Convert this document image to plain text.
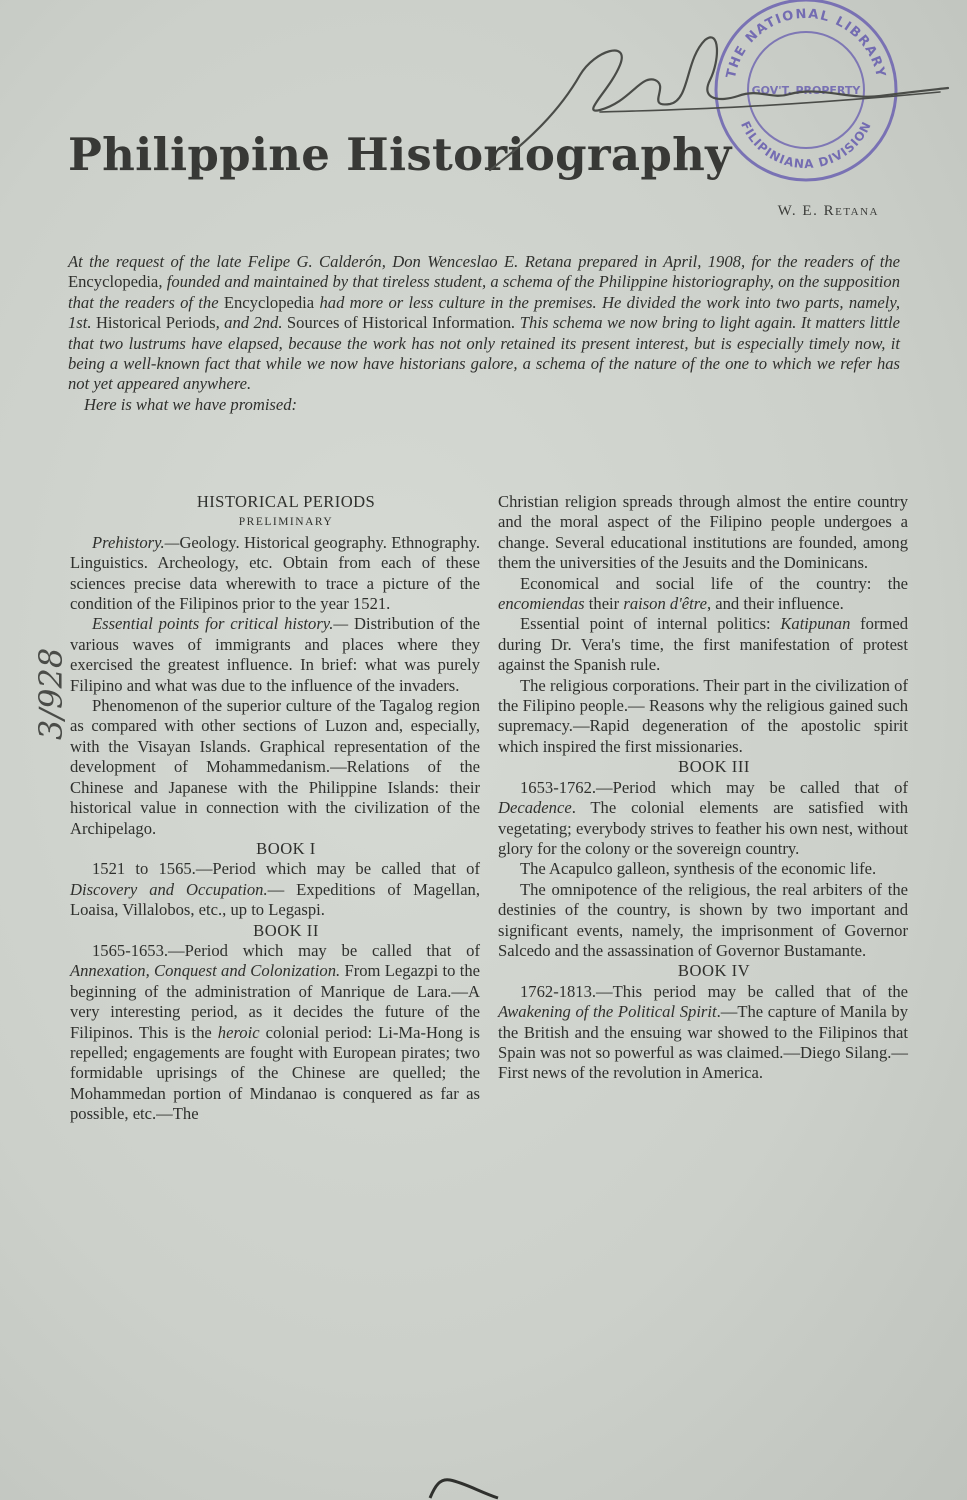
Philippine Historiography
THE NATIONAL LIBRARY
GOV'T. PROPERTY
FILIPINIANA DIVISION
W. E. Retana

At the request of the late Felipe G. Calderón, Don Wenceslao E. Retana prepared in April, 1908, for the readers of the Encyclopedia, founded and maintained by that tireless student, a schema of the Philippine historiography, on the supposition that the readers of the Encyclopedia had more or less culture in the premises. He divided the work into two parts, namely, 1st. Historical Periods, and 2nd. Sources of Historical Information. This schema we now bring to light again. It matters little that two lustrums have elapsed, because the work has not only retained its present interest, but is especially timely now, it being a well-known fact that while we now have historians galore, a schema of the nature of the one to which we refer has not yet appeared anywhere.

Here is what we have promised:

3/928

HISTORICAL PERIODS

PRELIMINARY

Prehistory.—Geology. Historical geography. Ethnography. Linguistics. Archeology, etc. Obtain from each of these sciences precise data wherewith to trace a picture of the condition of the Filipinos prior to the year 1521.

Essential points for critical history.— Distribution of the various waves of immigrants and places where they exercised the greatest influence. In brief: what was purely Filipino and what was due to the influence of the invaders.

Phenomenon of the superior culture of the Tagalog region as compared with other sections of Luzon and, especially, with the Visayan Islands. Graphical representation of the development of Mohammedanism.—Relations of the Chinese and Japanese with the Philippine Islands: their historical value in connection with the civilization of the Archipelago.

BOOK I

1521 to 1565.—Period which may be called that of Discovery and Occupation.— Expeditions of Magellan, Loaisa, Villalobos, etc., up to Legaspi.

BOOK II

1565-1653.—Period which may be called that of Annexation, Conquest and Colonization. From Legazpi to the beginning of the administration of Manrique de Lara.—A very interesting period, as it decides the future of the Filipinos. This is the heroic colonial period: Li-Ma-Hong is repelled; engagements are fought with European pirates; two formidable uprisings of the Chinese are quelled; the Mohammedan portion of Mindanao is conquered as far as possible, etc.—The

Christian religion spreads through almost the entire country and the moral aspect of the Filipino people undergoes a change. Several educational institutions are founded, among them the universities of the Jesuits and the Dominicans.

Economical and social life of the country: the encomiendas their raison d'être, and their influence.

Essential point of internal politics: Katipunan formed during Dr. Vera's time, the first manifestation of protest against the Spanish rule.

The religious corporations. Their part in the civilization of the Filipino people.— Reasons why the religious gained such supremacy.—Rapid degeneration of the apostolic spirit which inspired the first missionaries.

BOOK III

1653-1762.—Period which may be called that of Decadence. The colonial elements are satisfied with vegetating; everybody strives to feather his own nest, without glory for the colony or the sovereign country.

The Acapulco galleon, synthesis of the economic life.

The omnipotence of the religious, the real arbiters of the destinies of the country, is shown by two important and significant events, namely, the imprisonment of Governor Salcedo and the assassination of Governor Bustamante.

BOOK IV

1762-1813.—This period may be called that of the Awakening of the Political Spirit.—The capture of Manila by the British and the ensuing war showed to the Filipinos that Spain was not so powerful as was claimed.—Diego Silang.—First news of the revolution in America.
